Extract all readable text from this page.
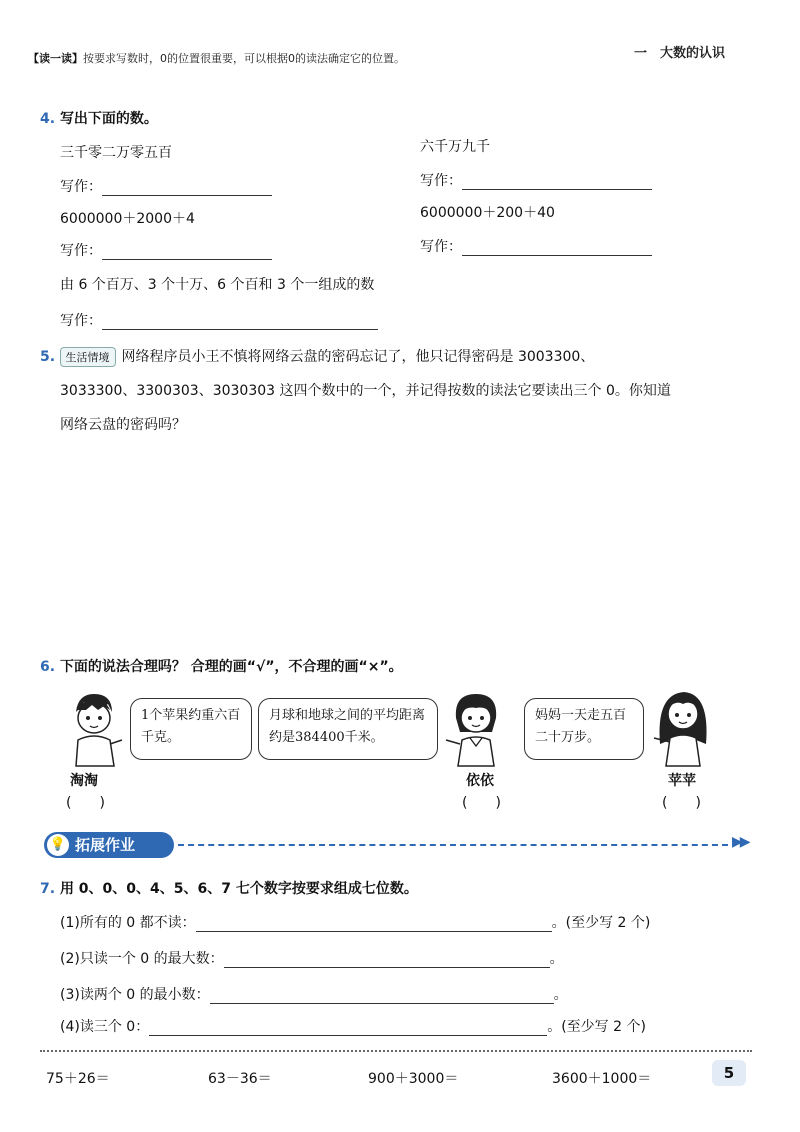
【读一读】按要求写数时，0的位置很重要，可以根据0的读法确定它的位置。	一　大数的认识
4. 写出下面的数。
三千零二万零五百	六千万九千
写作：	写作：
6000000＋2000＋4	6000000＋200＋40
写作：	写作：
由 6 个百万、3 个十万、6 个百和 3 个一组成的数
写作：
5. 生活情境 网络程序员小王不慎将网络云盘的密码忘记了，他只记得密码是 3003300、
3033300、3300303、3030303 这四个数中的一个，并记得按数的读法它要读出三个 0。你知道
网络云盘的密码吗？
6. 下面的说法合理吗？ 合理的画“√”，不合理的画“×”。
1个苹果约重六百千克。
淘淘
(　　)
月球和地球之间的平均距离约是384400千米。
依依
(　　)
妈妈一天走五百二十万步。
苹苹
(　　)
💡 拓展作业	▶▶
7. 用 0、0、0、4、5、6、7 七个数字按要求组成七位数。
(1)所有的 0 都不读：	。(至少写 2 个)
(2)只读一个 0 的最大数：	。
(3)读两个 0 的最小数：	。
(4)读三个 0：	。(至少写 2 个)
75＋26＝	63－36＝	900＋3000＝	3600＋1000＝	5
